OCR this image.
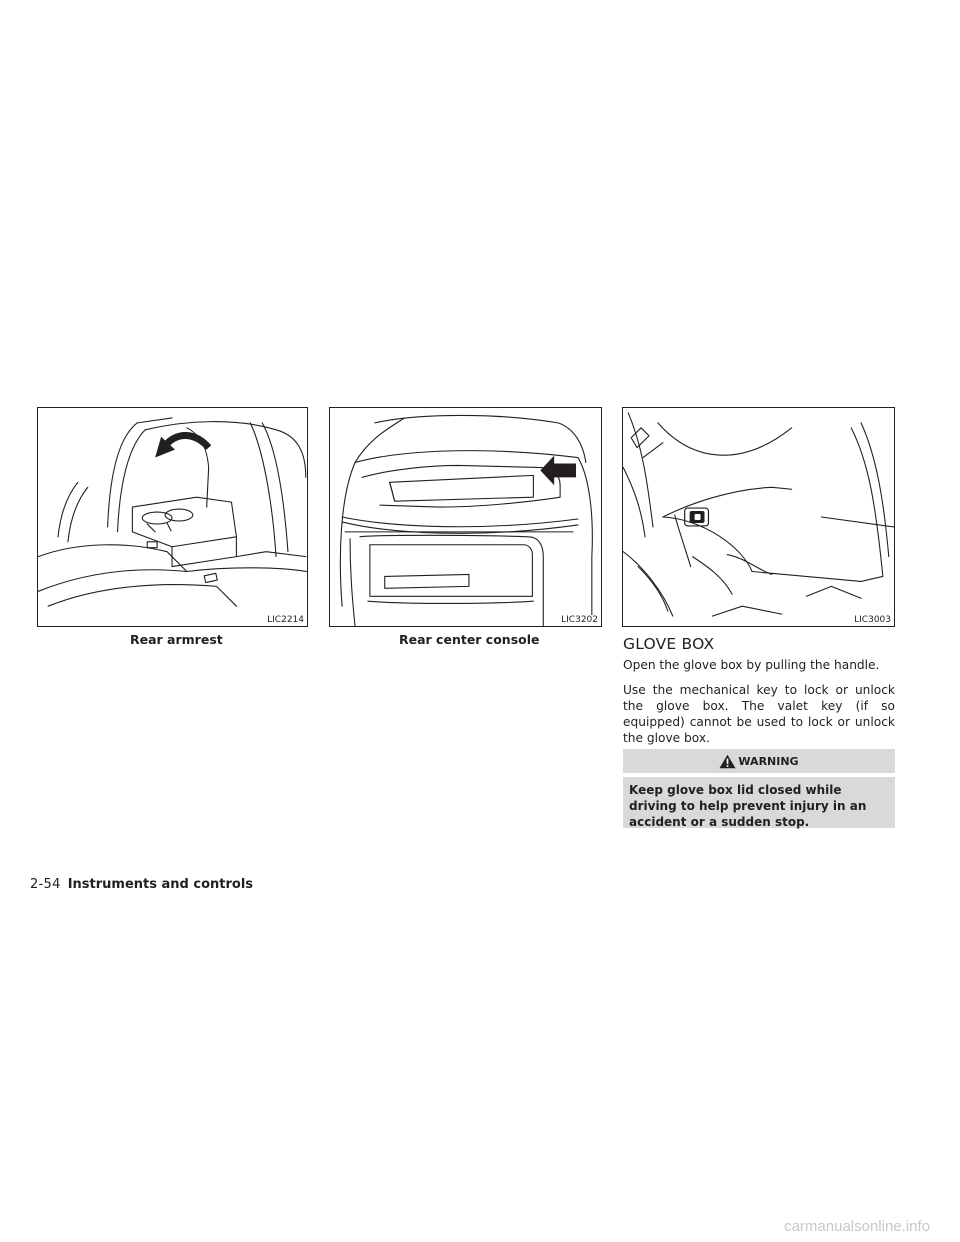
LIC2214
Rear armrest
LIC3202
Rear center console
LIC3003
GLOVE BOX

Open the glove box by pulling the handle.

Use the mechanical key to lock or unlock the glove box. The valet key (if so equipped) cannot be used to lock or unlock the glove box.

WARNING
Keep glove box lid closed while driving to help prevent injury in an accident or a sudden stop.
2-54 Instruments and controls
carmanualsonline.info
